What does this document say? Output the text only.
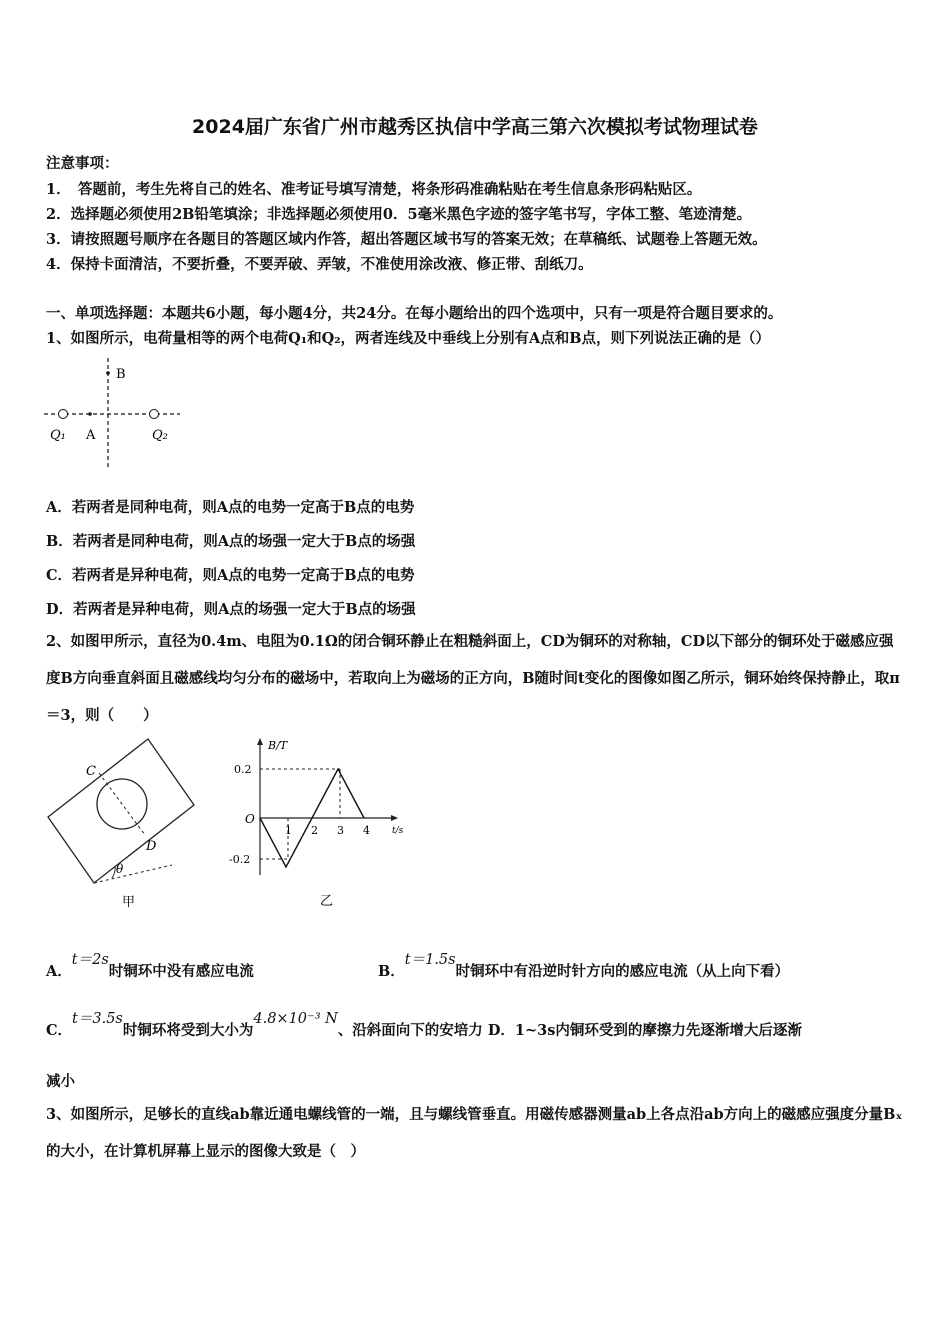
2024届广东省广州市越秀区执信中学高三第六次模拟考试物理试卷
注意事项：
1．　答题前，考生先将自己的姓名、准考证号填写清楚，将条形码准确粘贴在考生信息条形码粘贴区。
2．选择题必须使用2B铅笔填涂；非选择题必须使用0．5毫米黑色字迹的签字笔书写，字体工整、笔迹清楚。
3．请按照题号顺序在各题目的答题区域内作答，超出答题区域书写的答案无效；在草稿纸、试题卷上答题无效。
4．保持卡面清洁，不要折叠，不要弄破、弄皱，不准使用涂改液、修正带、刮纸刀。
一、单项选择题：本题共6小题，每小题4分，共24分。在每小题给出的四个选项中，只有一项是符合题目要求的。
1、如图所示，电荷量相等的两个电荷Q₁和Q₂，两者连线及中垂线上分别有A点和B点，则下列说法正确的是（）
B
A
Q₁	Q₂
A．若两者是同种电荷，则A点的电势一定高于B点的电势
B．若两者是同种电荷，则A点的场强一定大于B点的场强
C．若两者是异种电荷，则A点的电势一定高于B点的电势
D．若两者是异种电荷，则A点的场强一定大于B点的场强
2、如图甲所示，直径为0.4m、电阻为0.1Ω的闭合铜环静止在粗糙斜面上，CD为铜环的对称轴，CD以下部分的铜环处于磁感应强度B方向垂直斜面且磁感线均匀分布的磁场中，若取向上为磁场的正方向，B随时间t变化的图像如图乙所示，铜环始终保持静止，取π＝3，则（　　）
C
D
θ
甲
B/T
t/s
O
0.2
-0.2
1 2 3 4
乙
A．t＝2s时铜环中没有感应电流	B．t＝1.5s时铜环中有沿逆时针方向的感应电流（从上向下看）
C．t＝3.5s时铜环将受到大小为4.8×10⁻³ N、沿斜面向下的安培力 D．1~3s内铜环受到的摩擦力先逐渐增大后逐渐
减小
3、如图所示，足够长的直线ab靠近通电螺线管的一端，且与螺线管垂直。用磁传感器测量ab上各点沿ab方向上的磁感应强度分量Bₓ的大小，在计算机屏幕上显示的图像大致是（　）
